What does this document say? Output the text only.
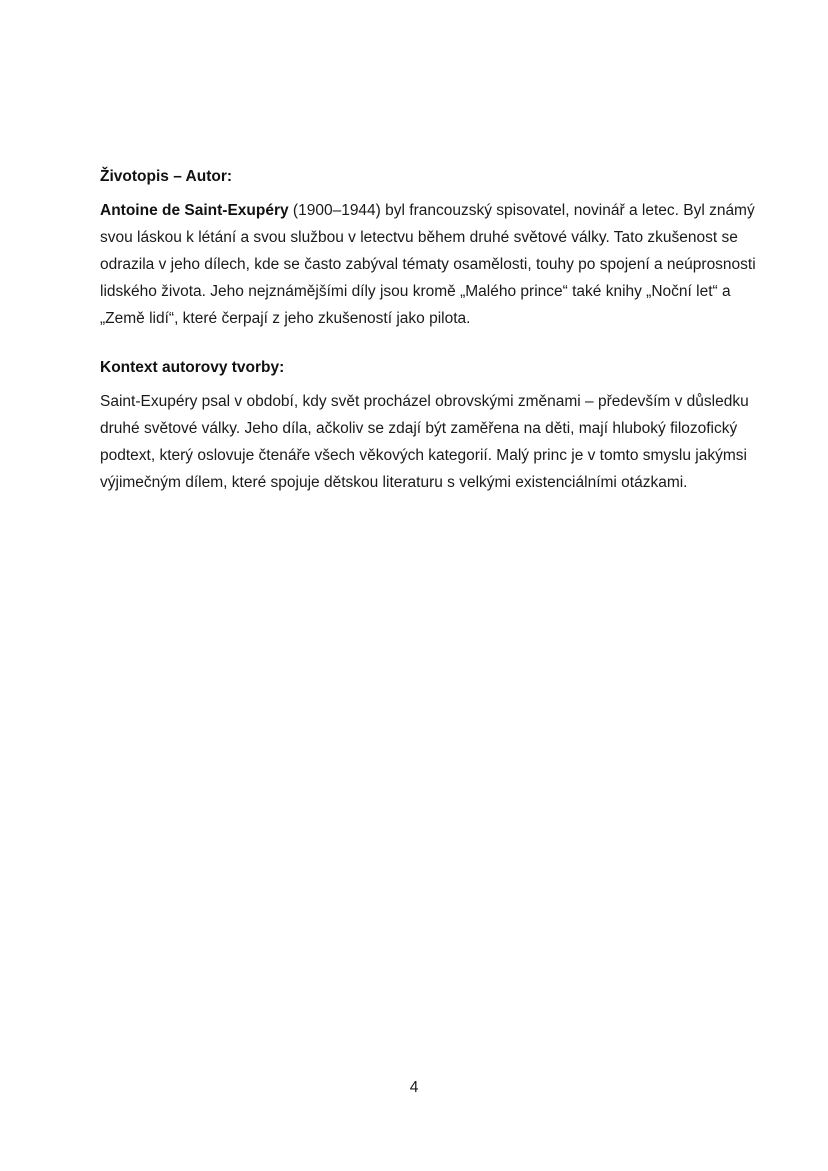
Životopis – Autor:

Antoine de Saint-Exupéry (1900–1944) byl francouzský spisovatel, novinář a letec. Byl známý svou láskou k létání a svou službou v letectvu během druhé světové války. Tato zkušenost se odrazila v jeho dílech, kde se často zabýval tématy osamělosti, touhy po spojení a neúprosnosti lidského života. Jeho nejznámějšími díly jsou kromě „Malého prince“ také knihy „Noční let“ a „Země lidí“, které čerpají z jeho zkušeností jako pilota.

Kontext autorovy tvorby:

Saint-Exupéry psal v období, kdy svět procházel obrovskými změnami – především v důsledku druhé světové války. Jeho díla, ačkoliv se zdají být zaměřena na děti, mají hluboký filozofický podtext, který oslovuje čtenáře všech věkových kategorií. Malý princ je v tomto smyslu jakýmsi výjimečným dílem, které spojuje dětskou literaturu s velkými existenciálními otázkami.

4
